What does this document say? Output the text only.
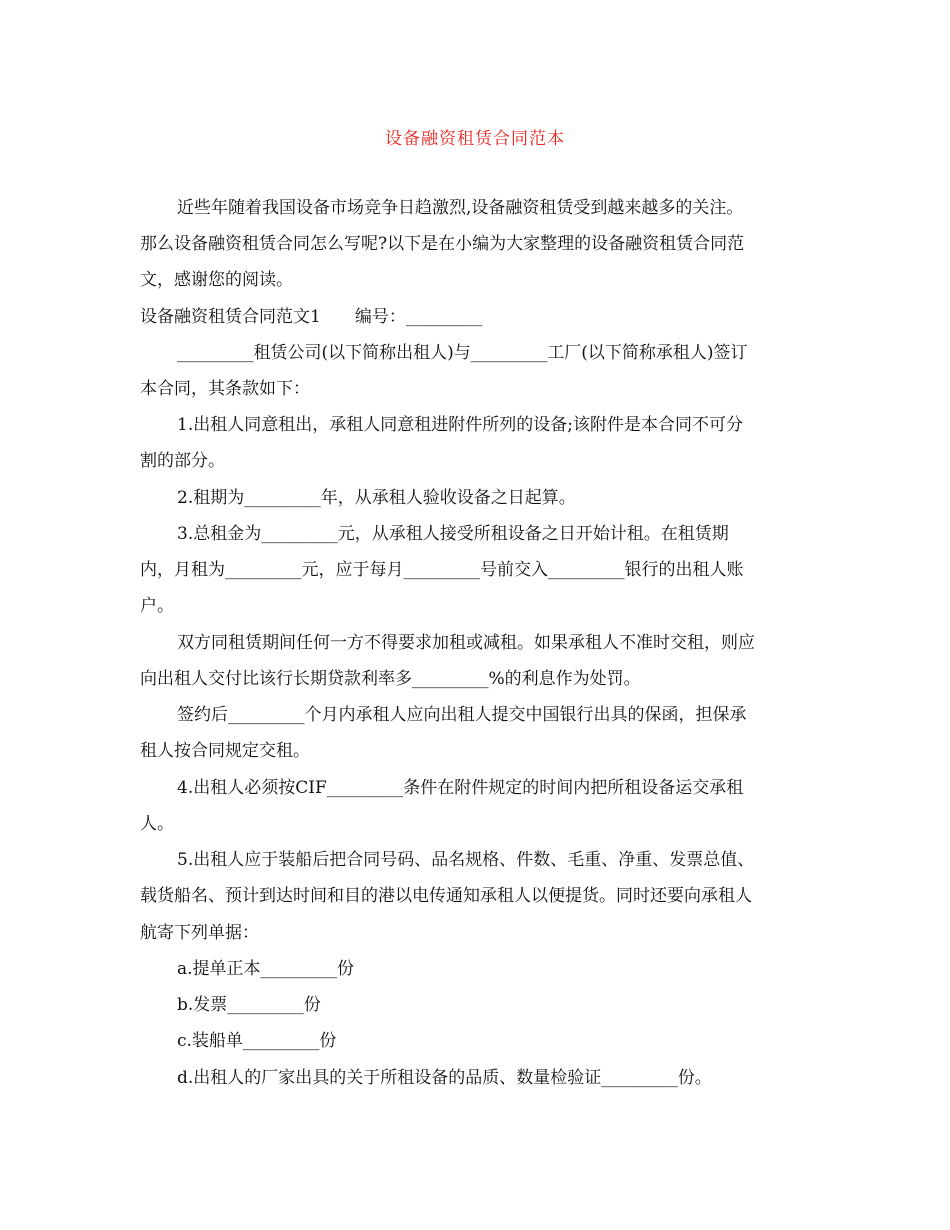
设备融资租赁合同范本
近些年随着我国设备市场竞争日趋激烈,设备融资租赁受到越来越多的关注。
那么设备融资租赁合同怎么写呢?以下是在小编为大家整理的设备融资租赁合同范
文，感谢您的阅读。
设备融资租赁合同范文1　　编号：_________
_________租赁公司(以下简称出租人)与_________工厂(以下简称承租人)签订
本合同，其条款如下：
1.出租人同意租出，承租人同意租进附件所列的设备;该附件是本合同不可分
割的部分。
2.租期为_________年，从承租人验收设备之日起算。
3.总租金为_________元，从承租人接受所租设备之日开始计租。在租赁期
内，月租为_________元，应于每月_________号前交入_________银行的出租人账
户。
双方同租赁期间任何一方不得要求加租或减租。如果承租人不准时交租，则应
向出租人交付比该行长期贷款利率多_________%的利息作为处罚。
签约后_________个月内承租人应向出租人提交中国银行出具的保函，担保承
租人按合同规定交租。
4.出租人必须按CIF_________条件在附件规定的时间内把所租设备运交承租
人。
5.出租人应于装船后把合同号码、品名规格、件数、毛重、净重、发票总值、
载货船名、预计到达时间和目的港以电传通知承租人以便提货。同时还要向承租人
航寄下列单据：
a.提单正本_________份
b.发票_________份
c.装船单_________份
d.出租人的厂家出具的关于所租设备的品质、数量检验证_________份。
